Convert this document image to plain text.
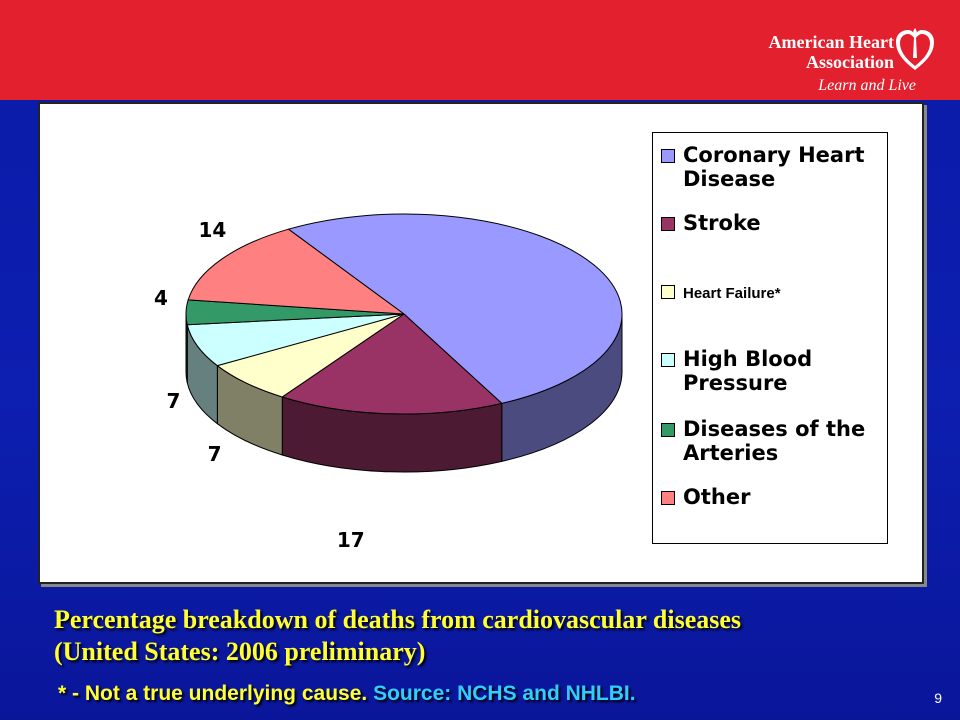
American Heart
Association
Learn and Live
17
7
7
4
14
Coronary Heart
Disease
Stroke
Heart Failure*
High Blood
Pressure
Diseases of the
Arteries
Other
Percentage breakdown of deaths from cardiovascular diseases
(United States: 2006 preliminary)
* - Not a true underlying cause. Source: NCHS and NHLBI.	9
